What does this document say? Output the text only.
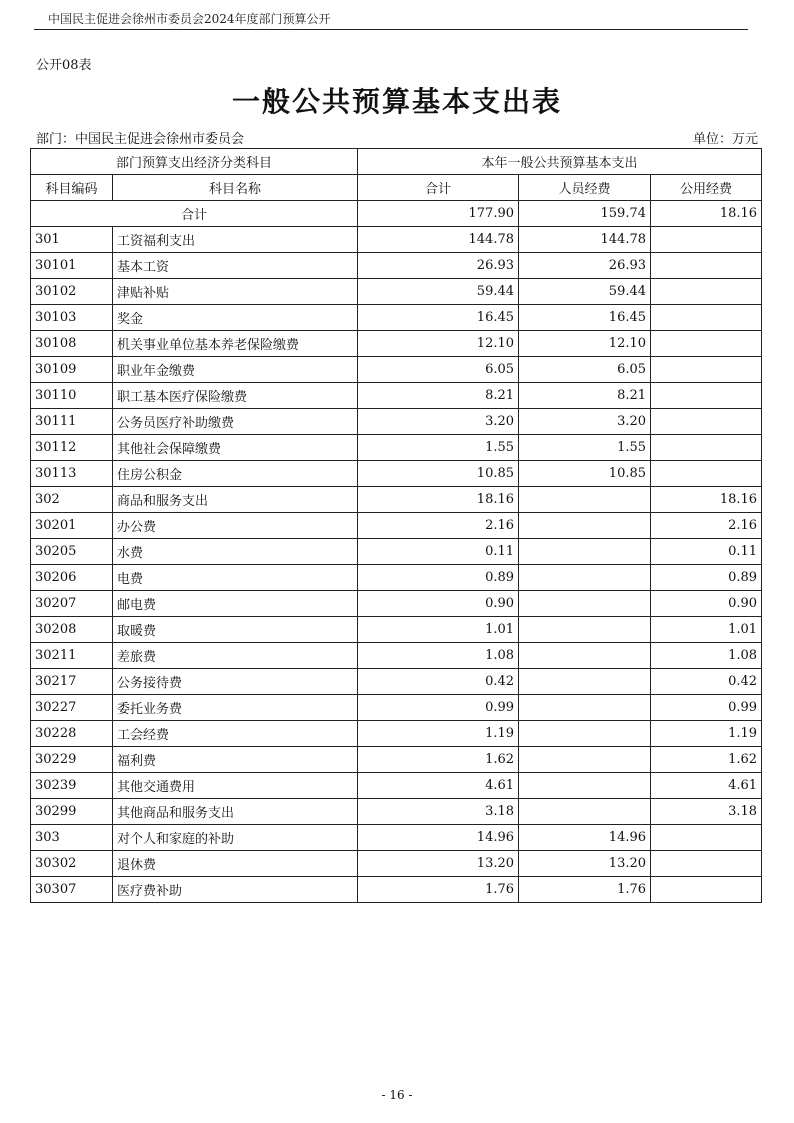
中国民主促进会徐州市委员会2024年度部门预算公开
公开08表
一般公共预算基本支出表
部门：中国民主促进会徐州市委员会	单位：万元
部门预算支出经济分类科目		本年一般公共预算基本支出		
科目编码	科目名称	合计	人员经费	公用经费
合计		177.90	159.74	18.16
301	工资福利支出	144.78	144.78	
30101	基本工资	26.93	26.93	
30102	津贴补贴	59.44	59.44	
30103	奖金	16.45	16.45	
30108	机关事业单位基本养老保险缴费	12.10	12.10	
30109	职业年金缴费	6.05	6.05	
30110	职工基本医疗保险缴费	8.21	8.21	
30111	公务员医疗补助缴费	3.20	3.20	
30112	其他社会保障缴费	1.55	1.55	
30113	住房公积金	10.85	10.85	
302	商品和服务支出	18.16		18.16
30201	办公费	2.16		2.16
30205	水费	0.11		0.11
30206	电费	0.89		0.89
30207	邮电费	0.90		0.90
30208	取暖费	1.01		1.01
30211	差旅费	1.08		1.08
30217	公务接待费	0.42		0.42
30227	委托业务费	0.99		0.99
30228	工会经费	1.19		1.19
30229	福利费	1.62		1.62
30239	其他交通费用	4.61		4.61
30299	其他商品和服务支出	3.18		3.18
303	对个人和家庭的补助	14.96	14.96	
30302	退休费	13.20	13.20	
30307	医疗费补助	1.76	1.76	
- 16 -
